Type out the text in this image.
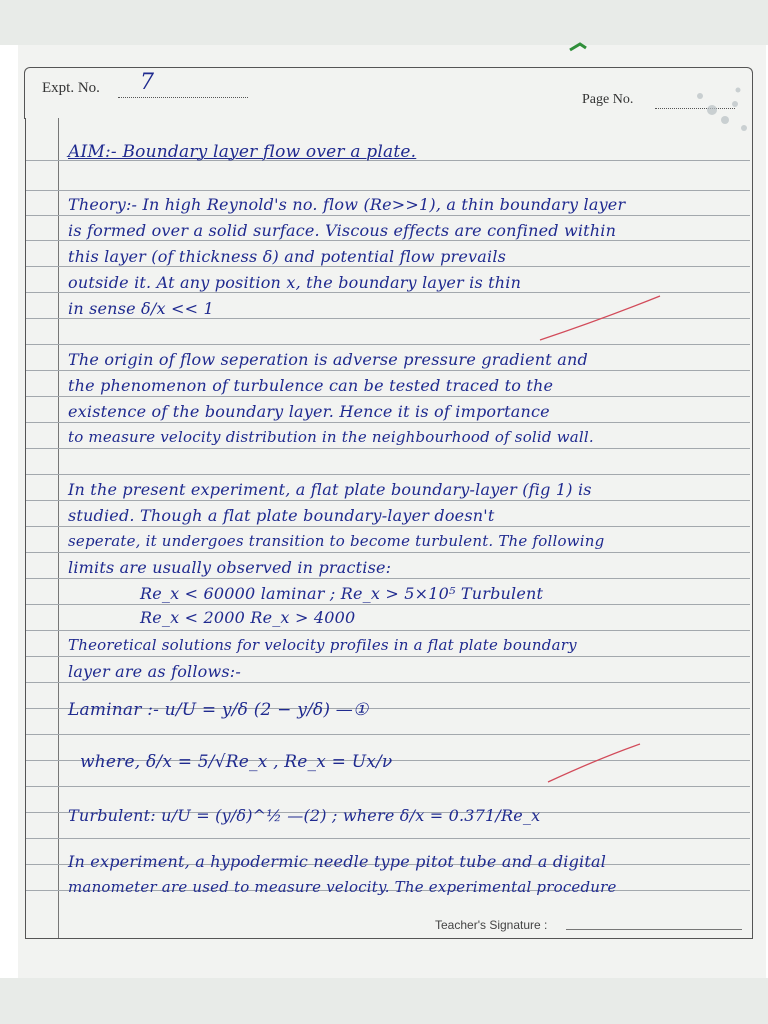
Expt. No. 7
Page No.
AIM:- Boundary layer flow over a plate.
Theory:- In high Reynold's no. flow (Re>>1), a thin boundary layer
is formed over a solid surface. Viscous effects are confined within
this layer (of thickness δ) and potential flow prevails
outside it. At any position x, the boundary layer is thin
in sense δ/x << 1
The origin of flow seperation is adverse pressure gradient and
the phenomenon of turbulence can be tested traced to the
existence of the boundary layer. Hence it is of importance
to measure velocity distribution in the neighbourhood of solid wall.
In the present experiment, a flat plate boundary-layer (fig 1) is
studied. Though a flat plate boundary-layer doesn't
seperate, it undergoes transition to become turbulent. The following
limits are usually observed in practise:
Re_x < 60000 laminar ; Re_x > 5×10⁵ Turbulent
Re_x < 2000 Re_x > 4000
Theoretical solutions for velocity profiles in a flat plate boundary
layer are as follows:-
Laminar :- u/U = y/δ (2 − y/δ) —①
where, δ/x = 5/√Re_x , Re_x = Ux/ν
Turbulent: u/U = (y/δ)^½ —(2) ; where δ/x = 0.371/Re_x
In experiment, a hypodermic needle type pitot tube and a digital
manometer are used to measure velocity. The experimental procedure
Teacher's Signature :
